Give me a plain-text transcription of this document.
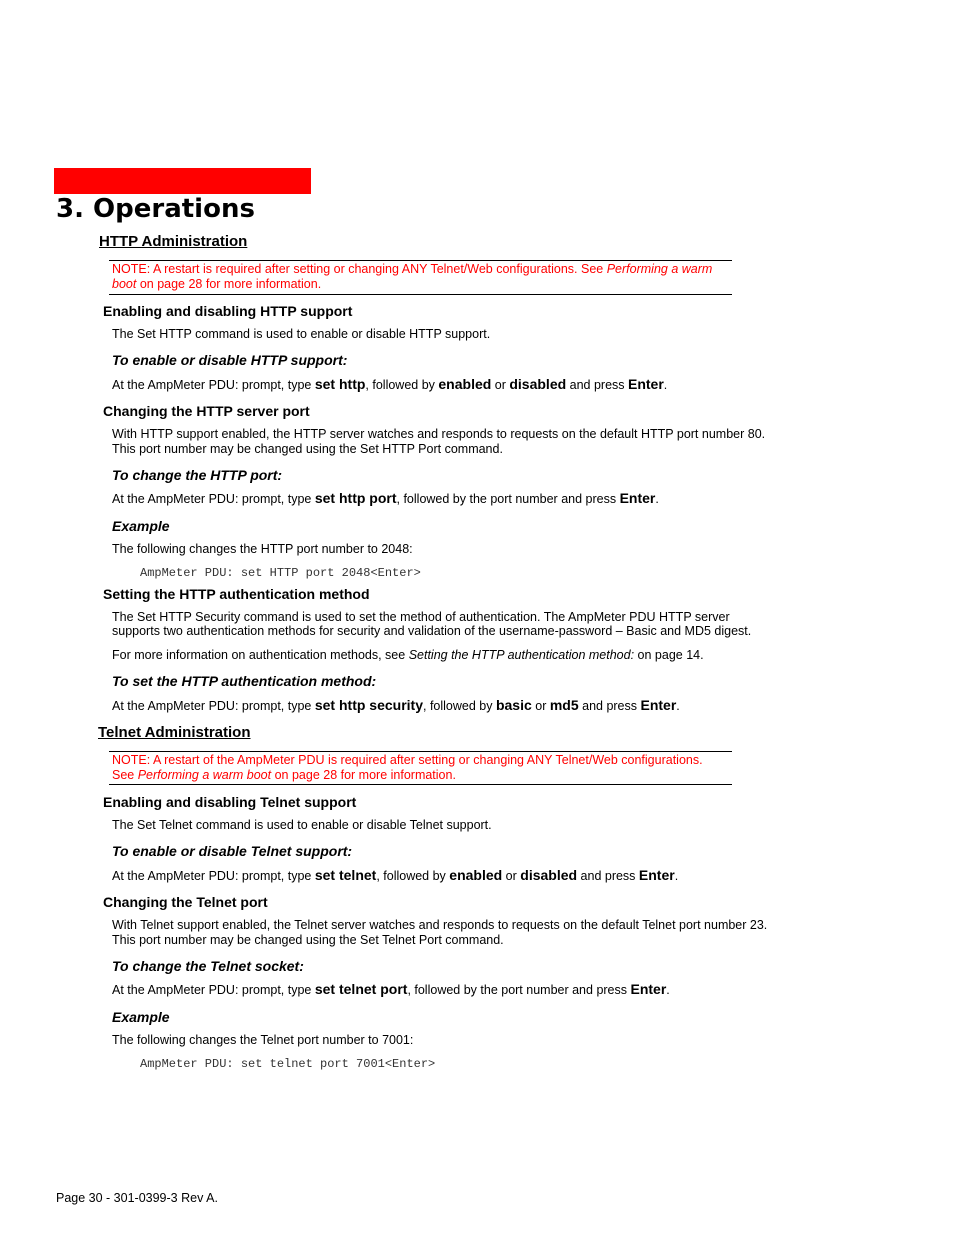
3. Operations
HTTP Administration
NOTE: A restart is required after setting or changing ANY Telnet/Web configurations. See Performing a warm
boot on page 28 for more information.
Enabling and disabling HTTP support
The Set HTTP command is used to enable or disable HTTP support.
To enable or disable HTTP support:
At the AmpMeter PDU: prompt, type set http, followed by enabled or disabled and press Enter.
Changing the HTTP server port
With HTTP support enabled, the HTTP server watches and responds to requests on the default HTTP port number 80.
This port number may be changed using the Set HTTP Port command.
To change the HTTP port:
At the AmpMeter PDU: prompt, type set http port, followed by the port number and press Enter.
Example
The following changes the HTTP port number to 2048:
AmpMeter PDU: set HTTP port 2048<Enter>
Setting the HTTP authentication method
The Set HTTP Security command is used to set the method of authentication. The AmpMeter PDU HTTP server
supports two authentication methods for security and validation of the username-password – Basic and MD5 digest.
For more information on authentication methods, see Setting the HTTP authentication method: on page 14.
To set the HTTP authentication method:
At the AmpMeter PDU: prompt, type set http security, followed by basic or md5 and press Enter.
Telnet Administration
NOTE: A restart of the AmpMeter PDU is required after setting or changing ANY Telnet/Web configurations.
See Performing a warm boot on page 28 for more information.
Enabling and disabling Telnet support
The Set Telnet command is used to enable or disable Telnet support.
To enable or disable Telnet support:
At the AmpMeter PDU: prompt, type set telnet, followed by enabled or disabled and press Enter.
Changing the Telnet port
With Telnet support enabled, the Telnet server watches and responds to requests on the default Telnet port number 23.
This port number may be changed using the Set Telnet Port command.
To change the Telnet socket:
At the AmpMeter PDU: prompt, type set telnet port, followed by the port number and press Enter.
Example
The following changes the Telnet port number to 7001:
AmpMeter PDU: set telnet port 7001<Enter>
Page 30 - 301-0399-3 Rev A.
